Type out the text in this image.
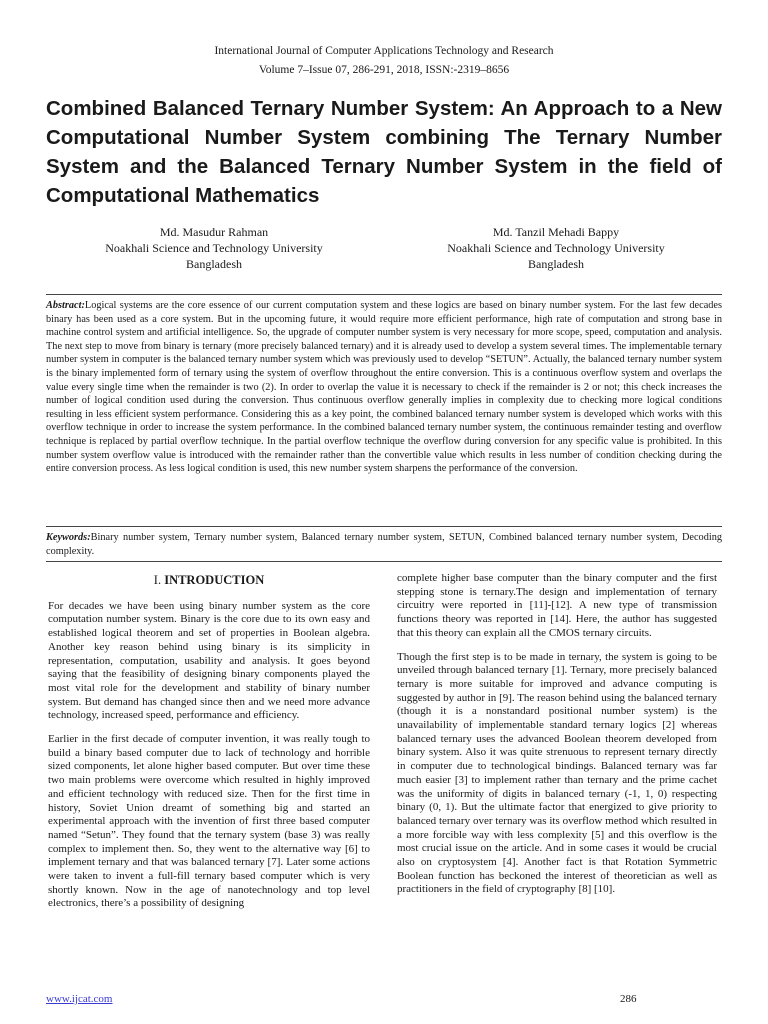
International Journal of Computer Applications Technology and Research
Volume 7–Issue 07, 286-291, 2018, ISSN:-2319–8656
Combined Balanced Ternary Number System: An Approach to a New Computational Number System combining The Ternary Number System and the Balanced Ternary Number System in the field of Computational Mathematics
Md. Masudur Rahman
Noakhali Science and Technology University
Bangladesh
Md. Tanzil Mehadi Bappy
Noakhali Science and Technology University
Bangladesh
Abstract:Logical systems are the core essence of our current computation system and these logics are based on binary number system. For the last few decades binary has been used as a core system. But in the upcoming future, it would require more efficient performance, high rate of computation and strong base in machine control system and artificial intelligence. So, the upgrade of computer number system is very necessary for more scope, speed, computation and analysis. The next step to move from binary is ternary (more precisely balanced ternary) and it is already used to develop a system several times. The implementable ternary number system in computer is the balanced ternary number system which was previously used to develop “SETUN”. Actually, the balanced ternary number system is the binary implemented form of ternary using the system of overflow throughout the entire conversion. This is a continuous overflow system and overlaps the value every single time when the remainder is two (2). In order to overlap the value it is necessary to check if the remainder is 2 or not; this check increases the number of logical condition used during the conversion. Thus continuous overflow generally implies in complexity due to checking more logical conditions resulting in less efficient system performance. Considering this as a key point, the combined balanced ternary number system is developed which works with this overflow technique in order to increase the system performance. In the combined balanced ternary number system, the continuous remainder testing and overflow technique is replaced by partial overflow technique. In the partial overflow technique the overflow during conversion for any specific value is prohibited. In this number system overflow value is introduced with the remainder rather than the convertible value which results in less number of condition checking during the entire conversion process. As less logical condition is used, this new number system sharpens the performance of the conversion.
Keywords:Binary number system, Ternary number system, Balanced ternary number system, SETUN, Combined balanced ternary number system, Decoding complexity.
I. INTRODUCTION

For decades we have been using binary number system as the core computation number system. Binary is the core due to its own easy and established logical theorem and set of properties in Boolean algebra. Another key reason behind using binary is its simplicity in representation, computation, usability and analysis. It goes beyond saying that the feasibility of designing binary components played the most vital role for the development and stability of binary number system. But demand has changed since then and we need more advance technology, increased speed, performance and efficiency.

Earlier in the first decade of computer invention, it was really tough to build a binary based computer due to lack of technology and horrible sized components, let alone higher based computer. But over time these two main problems were overcome which resulted in highly improved and efficient technology with reduced size. Then for the first time in history, Soviet Union dreamt of something big and started an experimental approach with the invention of first three based computer named “Setun”. They found that the ternary system (base 3) was really complex to implement then. So, they went to the alternative way [6] to implement ternary and that was balanced ternary [7]. Later some actions were taken to invent a full-fill ternary based computer which is very shortly known. Now in the age of nanotechnology and top level electronics, there’s a possibility of designing

complete higher base computer than the binary computer and the first stepping stone is ternary.The design and implementation of ternary circuitry were reported in [11]-[12]. A new type of transmission functions theory was reported in [14]. Here, the author has suggested that this theory can explain all the CMOS ternary circuits.

Though the first step is to be made in ternary, the system is going to be unveiled through balanced ternary [1]. Ternary, more precisely balanced ternary is more suitable for improved and advance computing is suggested by author in [9]. The reason behind using the balanced ternary (though it is a nonstandard positional number system) is the unavailability of implementable standard ternary logics [2] whereas balanced ternary uses the advanced Boolean theorem developed from binary system. Also it was quite strenuous to represent ternary directly in computer due to technological bindings. Balanced ternary was far much easier [3] to implement rather than ternary and the prime cachet was the uniformity of digits in balanced ternary (-1, 1, 0) respecting binary (0, 1). But the ultimate factor that energized to give priority to balanced ternary over ternary was its overflow method which resulted in a more forcible way with less complexity [5] and this overflow is the most crucial issue on the article. And in some cases it would be crucial also on cryptosystem [4]. Another fact is that Rotation Symmetric Boolean function has beckoned the interest of theoretician as well as practitioners in the field of cryptography [8] [10].

www.ijcat.com	286
